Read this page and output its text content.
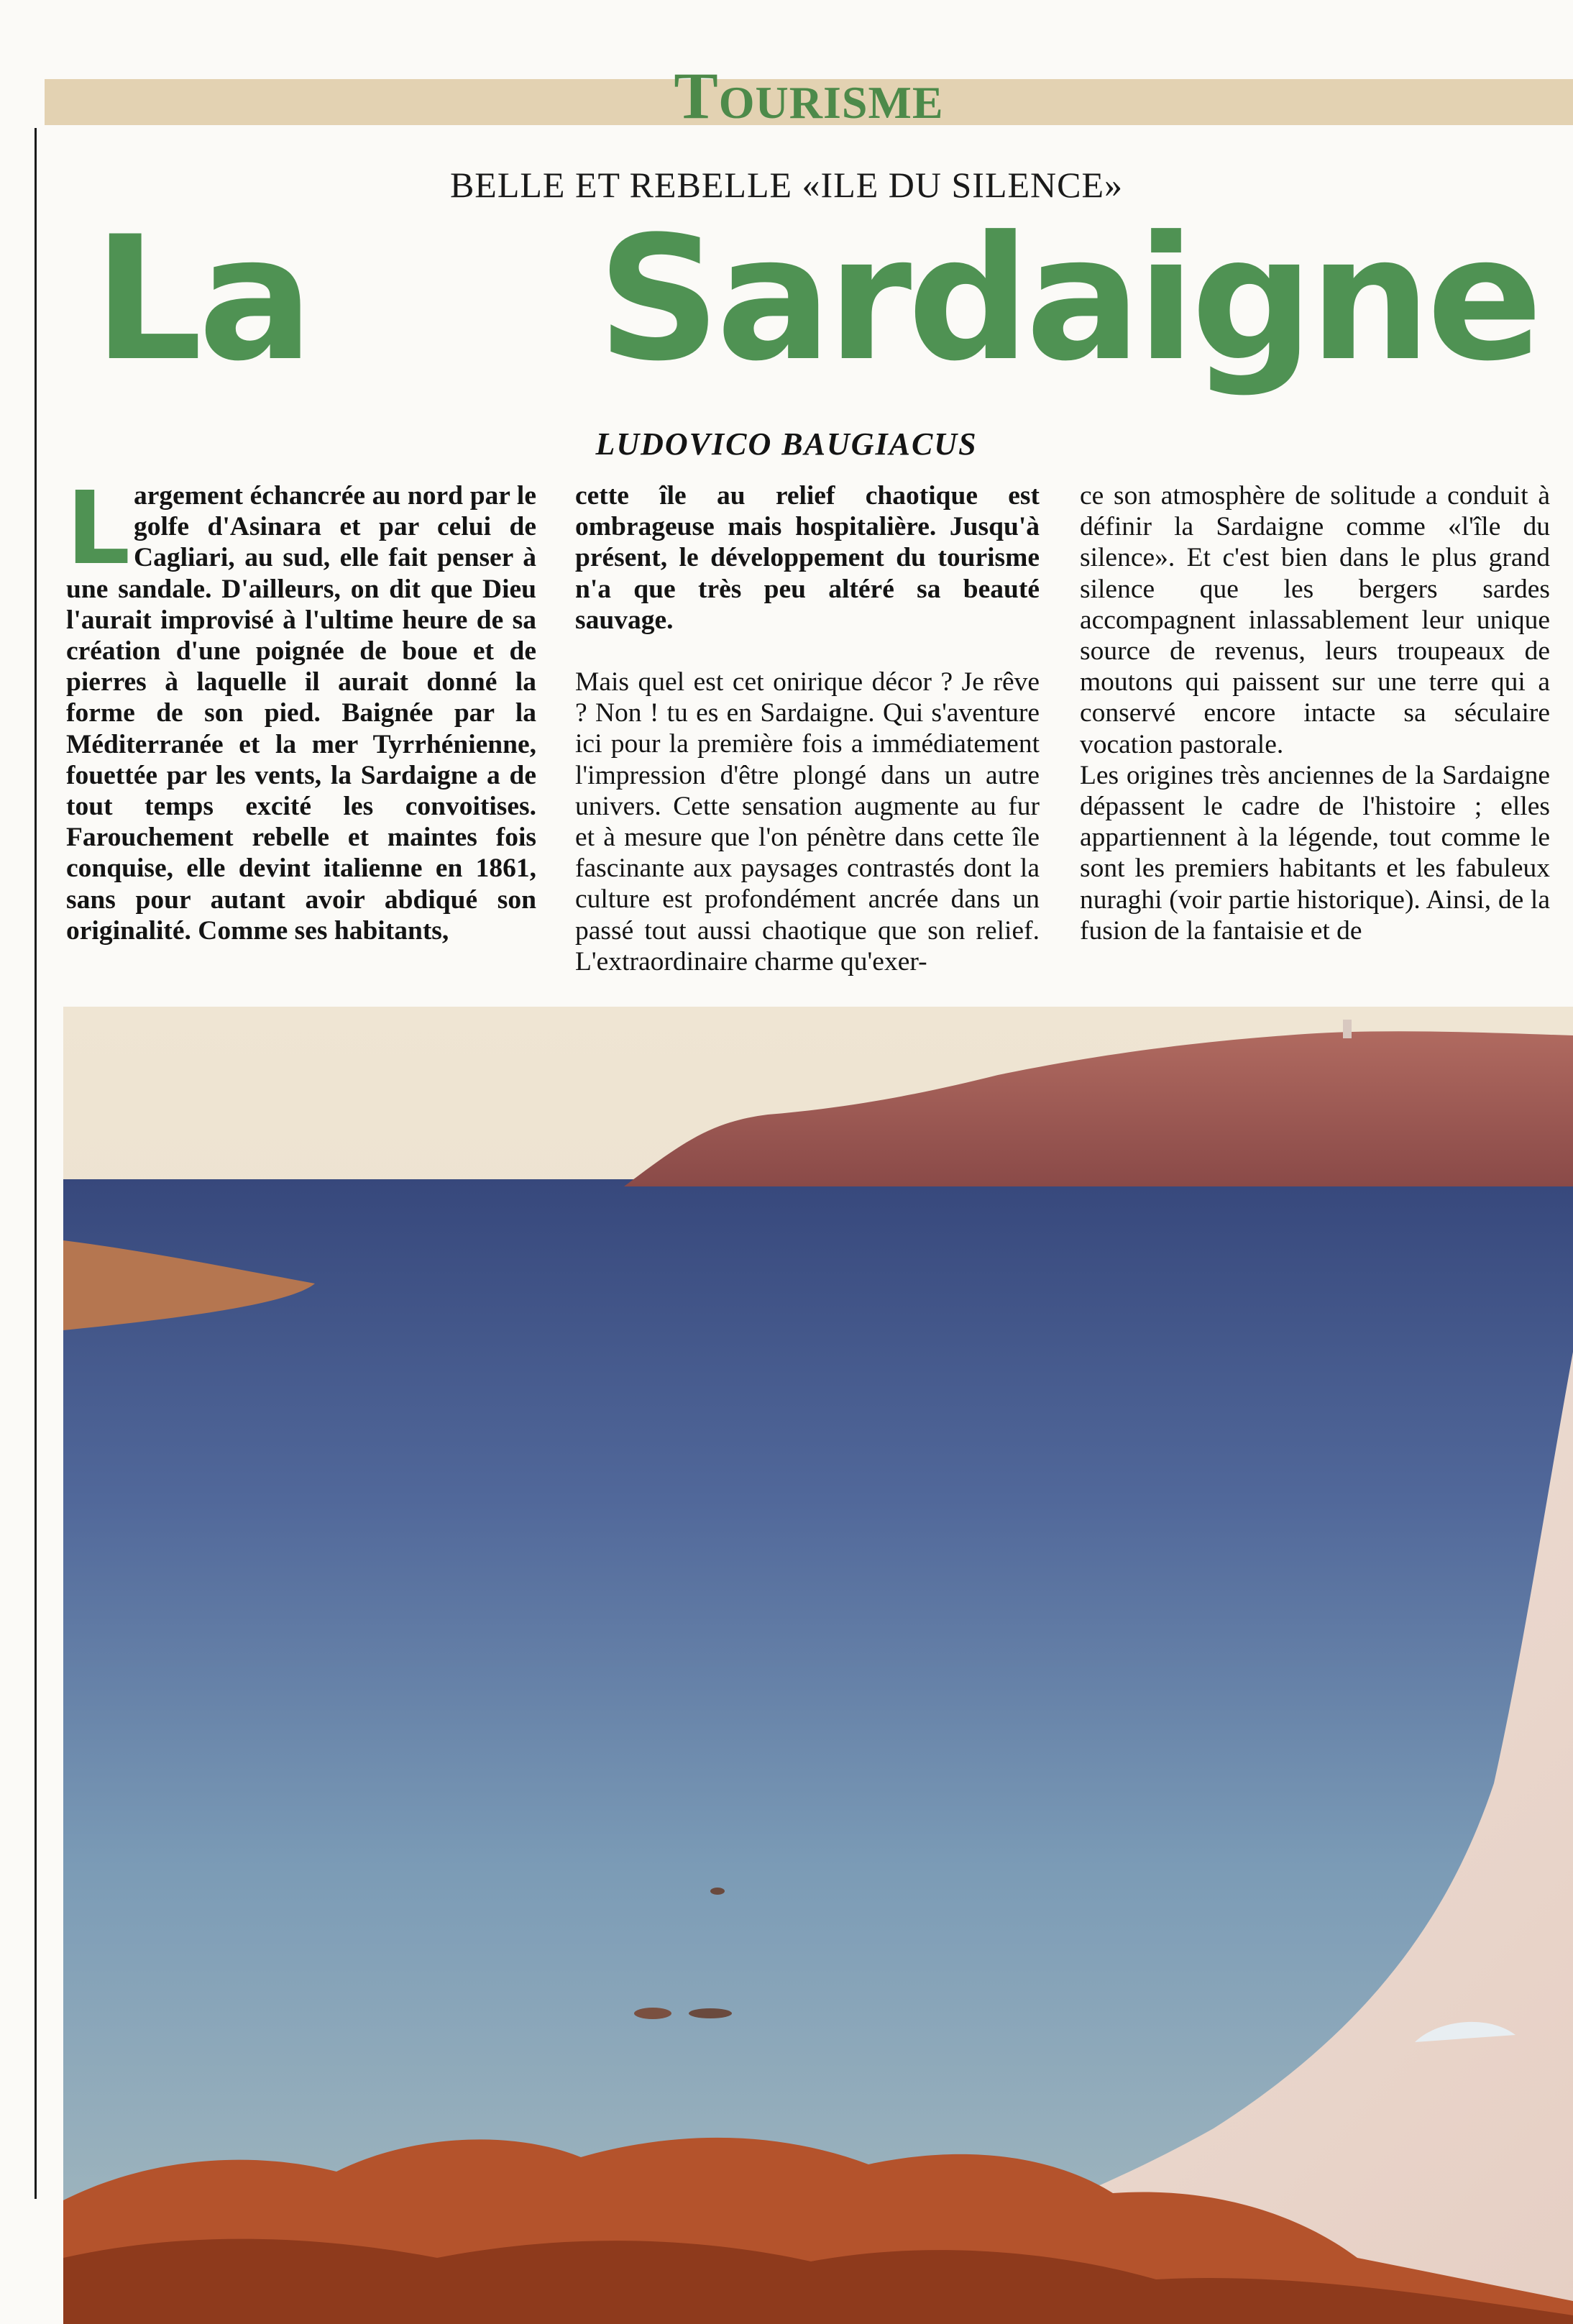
Tourisme
BELLE ET REBELLE «ILE DU SILENCE»
La Sardaigne
LUDOVICO BAUGIACUS
L argement échancrée au nord par le golfe d'Asinara et par celui de Cagliari, au sud, elle fait penser à une sandale. D'ailleurs, on dit que Dieu l'aurait improvisé à l'ultime heure de sa création d'une poignée de boue et de pierres à laquelle il aurait donné la forme de son pied. Baignée par la Méditerranée et la mer Tyrrhénienne, fouettée par les vents, la Sardaigne a de tout temps excité les convoitises. Farouchement rebelle et maintes fois conquise, elle devint italienne en 1861, sans pour autant avoir abdiqué son originalité. Comme ses habitants,

cette île au relief chaotique est ombrageuse mais hospitalière. Jusqu'à présent, le développement du tourisme n'a que très peu altéré sa beauté sauvage.

Mais quel est cet onirique décor ? Je rêve ? Non ! tu es en Sardaigne. Qui s'aventure ici pour la première fois a immédiatement l'impression d'être plongé dans un autre univers. Cette sensation augmente au fur et à mesure que l'on pénètre dans cette île fascinante aux paysages contrastés dont la culture est profondément ancrée dans un passé tout aussi chaotique que son relief. L'extraordinaire charme qu'exer-

ce son atmosphère de solitude a conduit à définir la Sardaigne comme «l'île du silence». Et c'est bien dans le plus grand silence que les bergers sardes accompagnent inlassablement leur unique source de revenus, leurs troupeaux de moutons qui paissent sur une terre qui a conservé encore intacte sa séculaire vocation pastorale.

Les origines très anciennes de la Sardaigne dépassent le cadre de l'histoire ; elles appartiennent à la légende, tout comme le sont les premiers habitants et les fabuleux nuraghi (voir partie historique). Ainsi, de la fusion de la fantaisie et de
